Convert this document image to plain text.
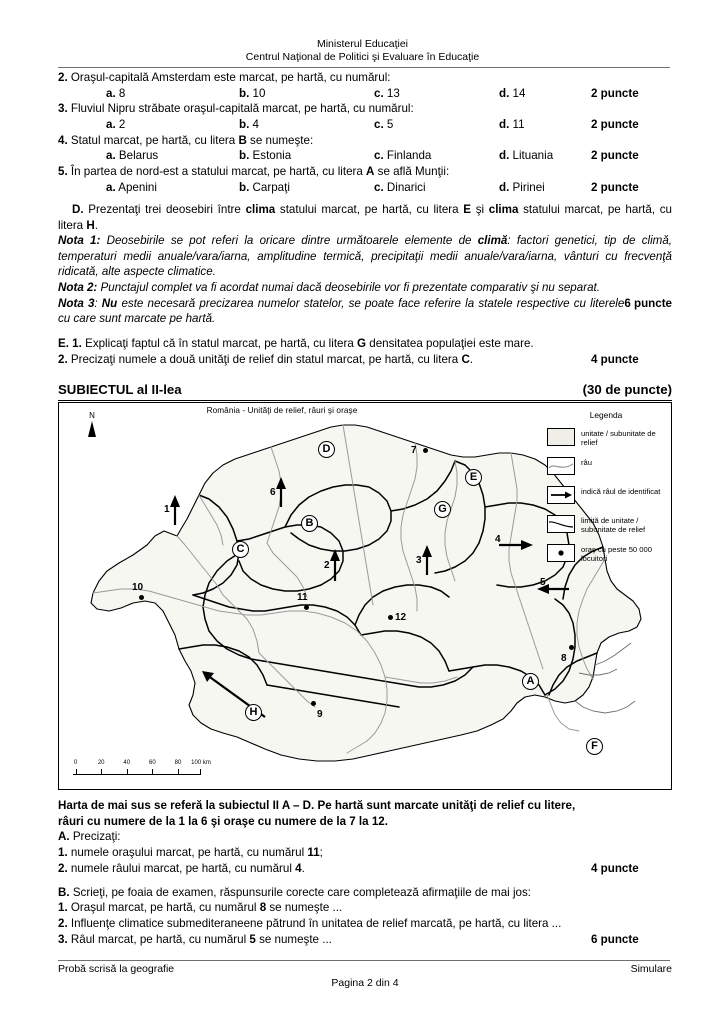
Ministerul Educaţiei
Centrul Naţional de Politici şi Evaluare în Educaţie
2. Oraşul-capitală Amsterdam este marcat, pe hartă, cu numărul:
a. 8	b. 10	c. 13	d. 14	2 puncte
3. Fluviul Nipru străbate oraşul-capitală marcat, pe hartă, cu numărul:
a. 2	b. 4	c. 5	d. 11	2 puncte
4. Statul marcat, pe hartă, cu litera B se numeşte:
a. Belarus	b. Estonia	c. Finlanda	d. Lituania	2 puncte
5. În partea de nord-est a statului marcat, pe hartă, cu litera A se află Munţii:
a. Apenini	b. Carpaţi	c. Dinarici	d. Pirinei	2 puncte
D. Prezentaţi trei deosebiri între clima statului marcat, pe hartă, cu litera E şi clima statului marcat, pe hartă, cu litera H.
Nota 1: Deosebirile se pot referi la oricare dintre următoarele elemente de climă: factori genetici, tip de climă, temperaturi medii anuale/vara/iarna, amplitudine termică, precipitaţii medii anuale/vara/iarna, vânturi cu frecvenţă ridicată, alte aspecte climatice.
Nota 2: Punctajul complet va fi acordat numai dacă deosebirile vor fi prezentate comparativ şi nu separat.
6 puncte
Nota 3: Nu este necesară precizarea numelor statelor, se poate face referire la statele respective cu literele cu care sunt marcate pe hartă.
E. 1. Explicaţi faptul că în statul marcat, pe hartă, cu litera G densitatea populaţiei este mare.
2. Precizaţi numele a două unităţi de relief din statul marcat, pe hartă, cu litera C.	4 puncte
SUBIECTUL al II-lea	(30 de puncte)
România - Unităţi de relief, râuri şi oraşe
N
A
B
C
D
E
F
G
H
1
2	3
4
5
6
7
8
9
10
11
12
0	20	40	60	80 100 km
Legenda
unitate / subunitate de relief
râu
indică râul de identificat
limită de unitate / subunitate de relief
oraş cu peste 50 000 locuitori
Harta de mai sus se referă la subiectul II A – D. Pe hartă sunt marcate unităţi de relief cu litere,
râuri cu numere de la 1 la 6 şi oraşe cu numere de la 7 la 12.
A. Precizaţi:
1. numele oraşului marcat, pe hartă, cu numărul 11;
2. numele râului marcat, pe hartă, cu numărul 4.	4 puncte
B. Scrieţi, pe foaia de examen, răspunsurile corecte care completează afirmaţiile de mai jos:
1. Oraşul marcat, pe hartă, cu numărul 8 se numeşte ...
2. Influenţe climatice submediteraneene pătrund în unitatea de relief marcată, pe hartă, cu litera ...
3. Râul marcat, pe hartă, cu numărul 5 se numeşte ...	6 puncte
Probă scrisă la geografie	Simulare
Pagina 2 din 4
